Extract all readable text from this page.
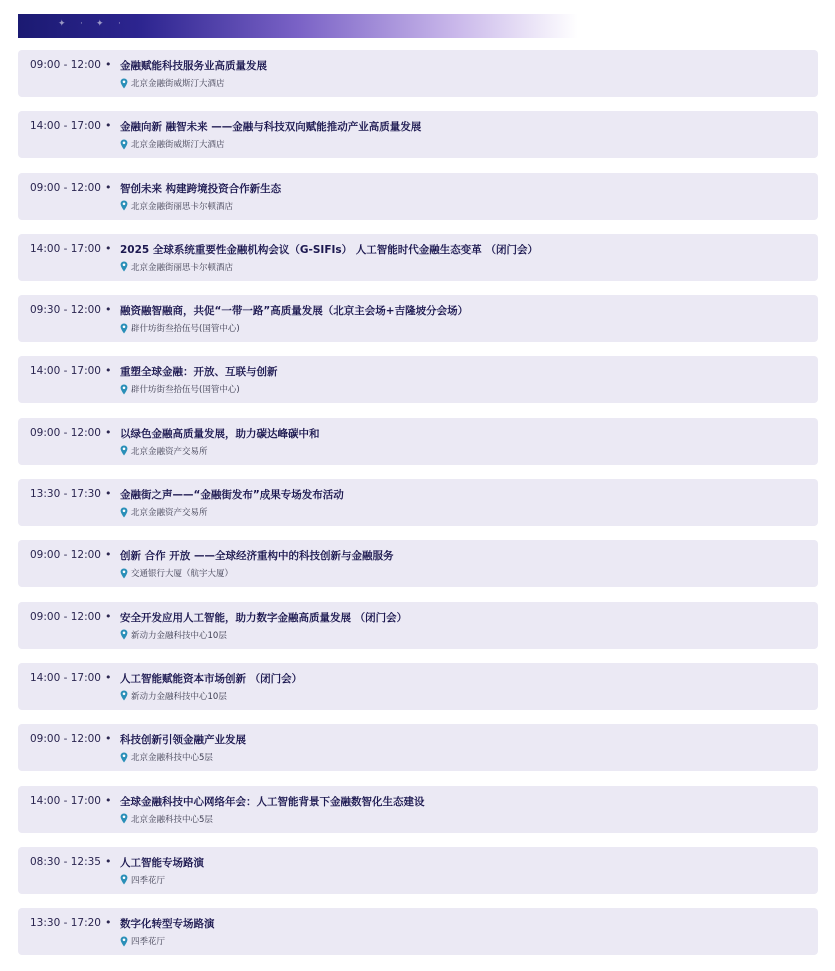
✦ · ✦ ·
09:00 - 12:00 • 金融赋能科技服务业高质量发展
北京金融街威斯汀大酒店
14:00 - 17:00 • 金融向新 融智未来 ——金融与科技双向赋能推动产业高质量发展
北京金融街威斯汀大酒店
09:00 - 12:00 • 智创未来 构建跨境投资合作新生态
北京金融街丽思卡尔顿酒店
14:00 - 17:00 • 2025 全球系统重要性金融机构会议（G-SIFIs） 人工智能时代金融生态变革 （闭门会）
北京金融街丽思卡尔顿酒店
09:30 - 12:00 • 融资融智融商，共促“一带一路”高质量发展（北京主会场+吉隆坡分会场）
辟什坊街叁拾伍号(国管中心)
14:00 - 17:00 • 重塑全球金融：开放、互联与创新
辟什坊街叁拾伍号(国管中心)
09:00 - 12:00 • 以绿色金融高质量发展，助力碳达峰碳中和
北京金融资产交易所
13:30 - 17:30 • 金融街之声——“金融街发布”成果专场发布活动
北京金融资产交易所
09:00 - 12:00 • 创新 合作 开放 ——全球经济重构中的科技创新与金融服务
交通银行大厦（航宇大厦）
09:00 - 12:00 • 安全开发应用人工智能，助力数字金融高质量发展 （闭门会）
新动力金融科技中心10层
14:00 - 17:00 • 人工智能赋能资本市场创新 （闭门会）
新动力金融科技中心10层
09:00 - 12:00 • 科技创新引领金融产业发展
北京金融科技中心5层
14:00 - 17:00 • 全球金融科技中心网络年会：人工智能背景下金融数智化生态建设
北京金融科技中心5层
08:30 - 12:35 • 人工智能专场路演
四季花厅
13:30 - 17:20 • 数字化转型专场路演
四季花厅
